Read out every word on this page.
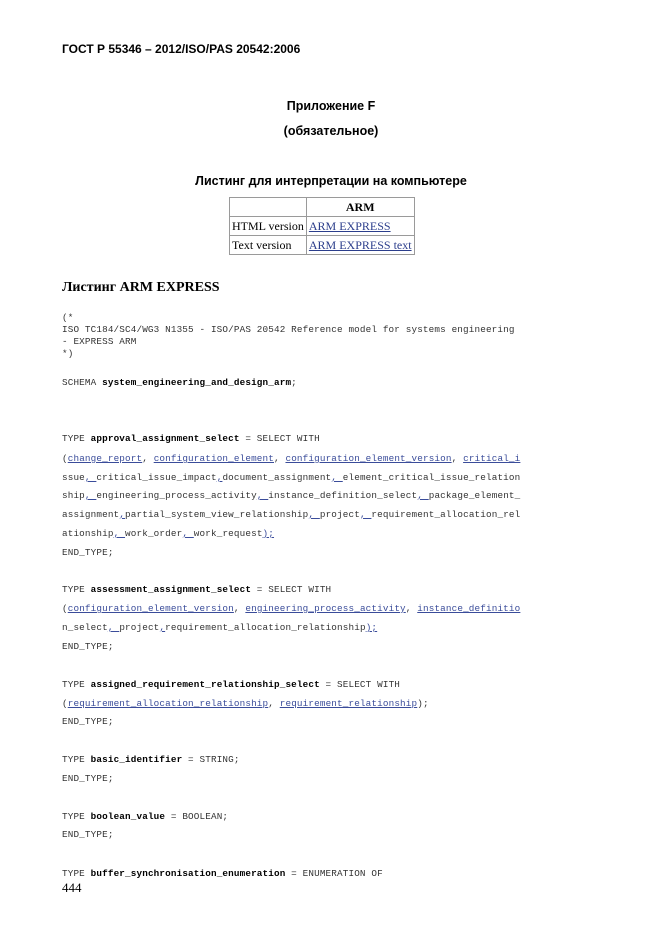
ГОСТ Р 55346 – 2012/ISO/PAS 20542:2006
Приложение F
(обязательное)
Листинг для интерпретации на компьютере
	ARM
HTML version	ARM EXPRESS
Text version	ARM EXPRESS text
Листинг ARM EXPRESS
(*
ISO TC184/SC4/WG3 N1355 - ISO/PAS 20542 Reference model for systems engineering
- EXPRESS ARM
*)
SCHEMA system_engineering_and_design_arm;
TYPE approval_assignment_select = SELECT WITH
(change_report, configuration_element, configuration_element_version, critical_i
ssue, critical_issue_impact,document_assignment, element_critical_issue_relation
ship, engineering_process_activity, instance_definition_select, package_element_
assignment,partial_system_view_relationship, project, requirement_allocation_rel
ationship, work_order, work_request);
END_TYPE;
TYPE assessment_assignment_select = SELECT WITH
(configuration_element_version, engineering_process_activity, instance_definitio
n_select, project,requirement_allocation_relationship);
END_TYPE;
TYPE assigned_requirement_relationship_select = SELECT WITH
(requirement_allocation_relationship, requirement_relationship);
END_TYPE;
TYPE basic_identifier = STRING;
END_TYPE;
TYPE boolean_value = BOOLEAN;
END_TYPE;
TYPE buffer_synchronisation_enumeration = ENUMERATION OF
444
